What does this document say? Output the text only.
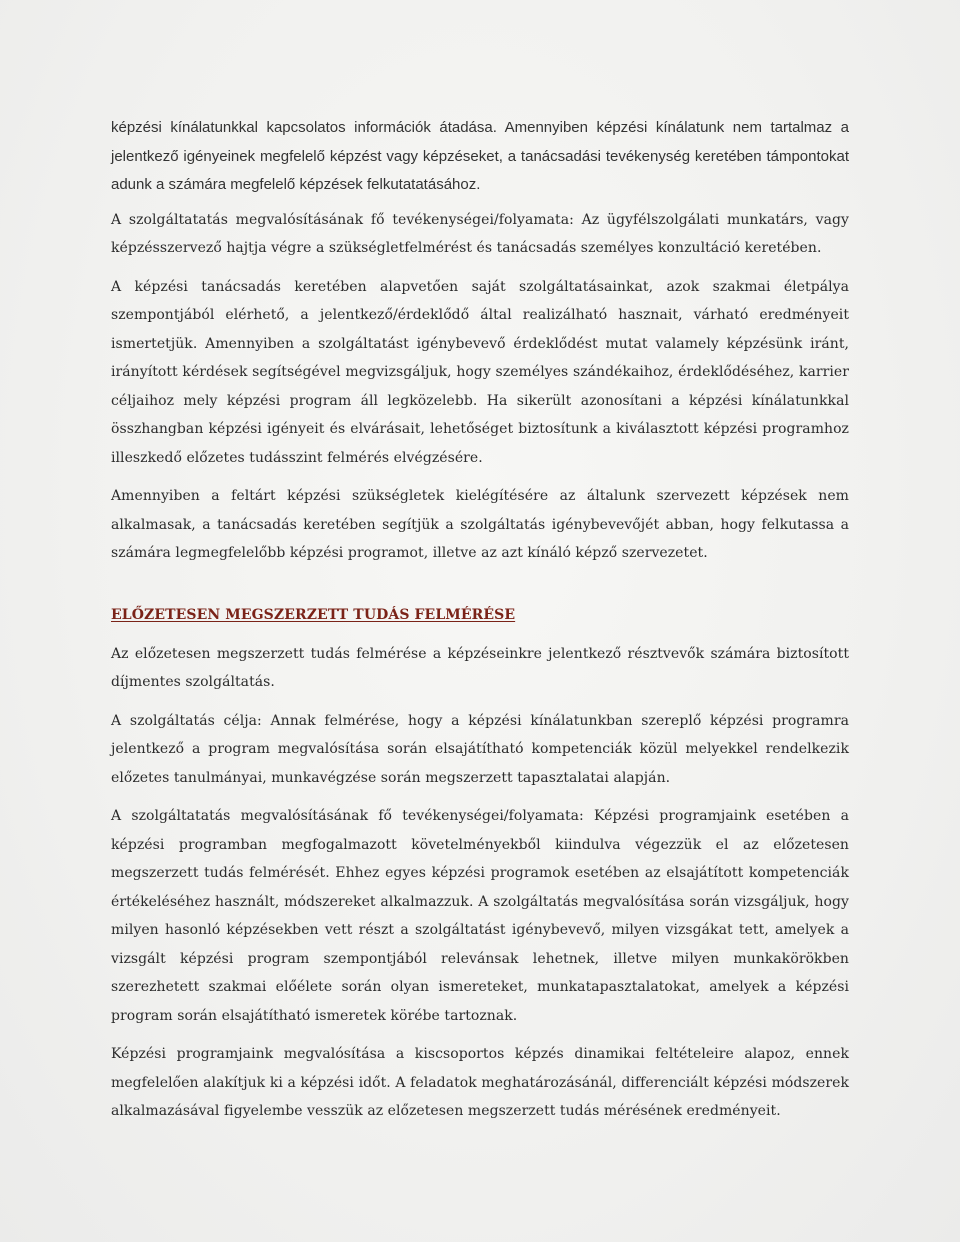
képzési kínálatunkkal kapcsolatos információk átadása. Amennyiben képzési kínálatunk nem tartalmaz a jelentkező igényeinek megfelelő képzést vagy képzéseket, a tanácsadási tevékenység keretében támpontokat adunk a számára megfelelő képzések felkutatatásához.

A szolgáltatatás megvalósításának fő tevékenységei/folyamata: Az ügyfélszolgálati munkatárs, vagy képzésszervező hajtja végre a szükségletfelmérést és tanácsadás személyes konzultáció keretében.

A képzési tanácsadás keretében alapvetően saját szolgáltatásainkat, azok szakmai életpálya szempontjából elérhető, a jelentkező/érdeklődő által realizálható hasznait, várható eredményeit ismertetjük. Amennyiben a szolgáltatást igénybevevő érdeklődést mutat valamely képzésünk iránt, irányított kérdések segítségével megvizsgáljuk, hogy személyes szándékaihoz, érdeklődéséhez, karrier céljaihoz mely képzési program áll legközelebb. Ha sikerült azonosítani a képzési kínálatunkkal összhangban képzési igényeit és elvárásait, lehetőséget biztosítunk a kiválasztott képzési programhoz illeszkedő előzetes tudásszint felmérés elvégzésére.

Amennyiben a feltárt képzési szükségletek kielégítésére az általunk szervezett képzések nem alkalmasak, a tanácsadás keretében segítjük a szolgáltatás igénybevevőjét abban, hogy felkutassa a számára legmegfelelőbb képzési programot, illetve az azt kínáló képző szervezetet.

ELŐZETESEN MEGSZERZETT TUDÁS FELMÉRÉSE

Az előzetesen megszerzett tudás felmérése a képzéseinkre jelentkező résztvevők számára biztosított díjmentes szolgáltatás.

A szolgáltatás célja: Annak felmérése, hogy a képzési kínálatunkban szereplő képzési programra jelentkező a program megvalósítása során elsajátítható kompetenciák közül melyekkel rendelkezik előzetes tanulmányai, munkavégzése során megszerzett tapasztalatai alapján.

A szolgáltatatás megvalósításának fő tevékenységei/folyamata: Képzési programjaink esetében a képzési programban megfogalmazott követelményekből kiindulva végezzük el az előzetesen megszerzett tudás felmérését. Ehhez egyes képzési programok esetében az elsajátított kompetenciák értékeléséhez használt, módszereket alkalmazzuk. A szolgáltatás megvalósítása során vizsgáljuk, hogy milyen hasonló képzésekben vett részt a szolgáltatást igénybevevő, milyen vizsgákat tett, amelyek a vizsgált képzési program szempontjából relevánsak lehetnek, illetve milyen munkakörökben szerezhetett szakmai előélete során olyan ismereteket, munkatapasztalatokat, amelyek a képzési program során elsajátítható ismeretek körébe tartoznak.

Képzési programjaink megvalósítása a kiscsoportos képzés dinamikai feltételeire alapoz, ennek megfelelően alakítjuk ki a képzési időt. A feladatok meghatározásánál, differenciált képzési módszerek alkalmazásával figyelembe vesszük az előzetesen megszerzett tudás mérésének eredményeit.
